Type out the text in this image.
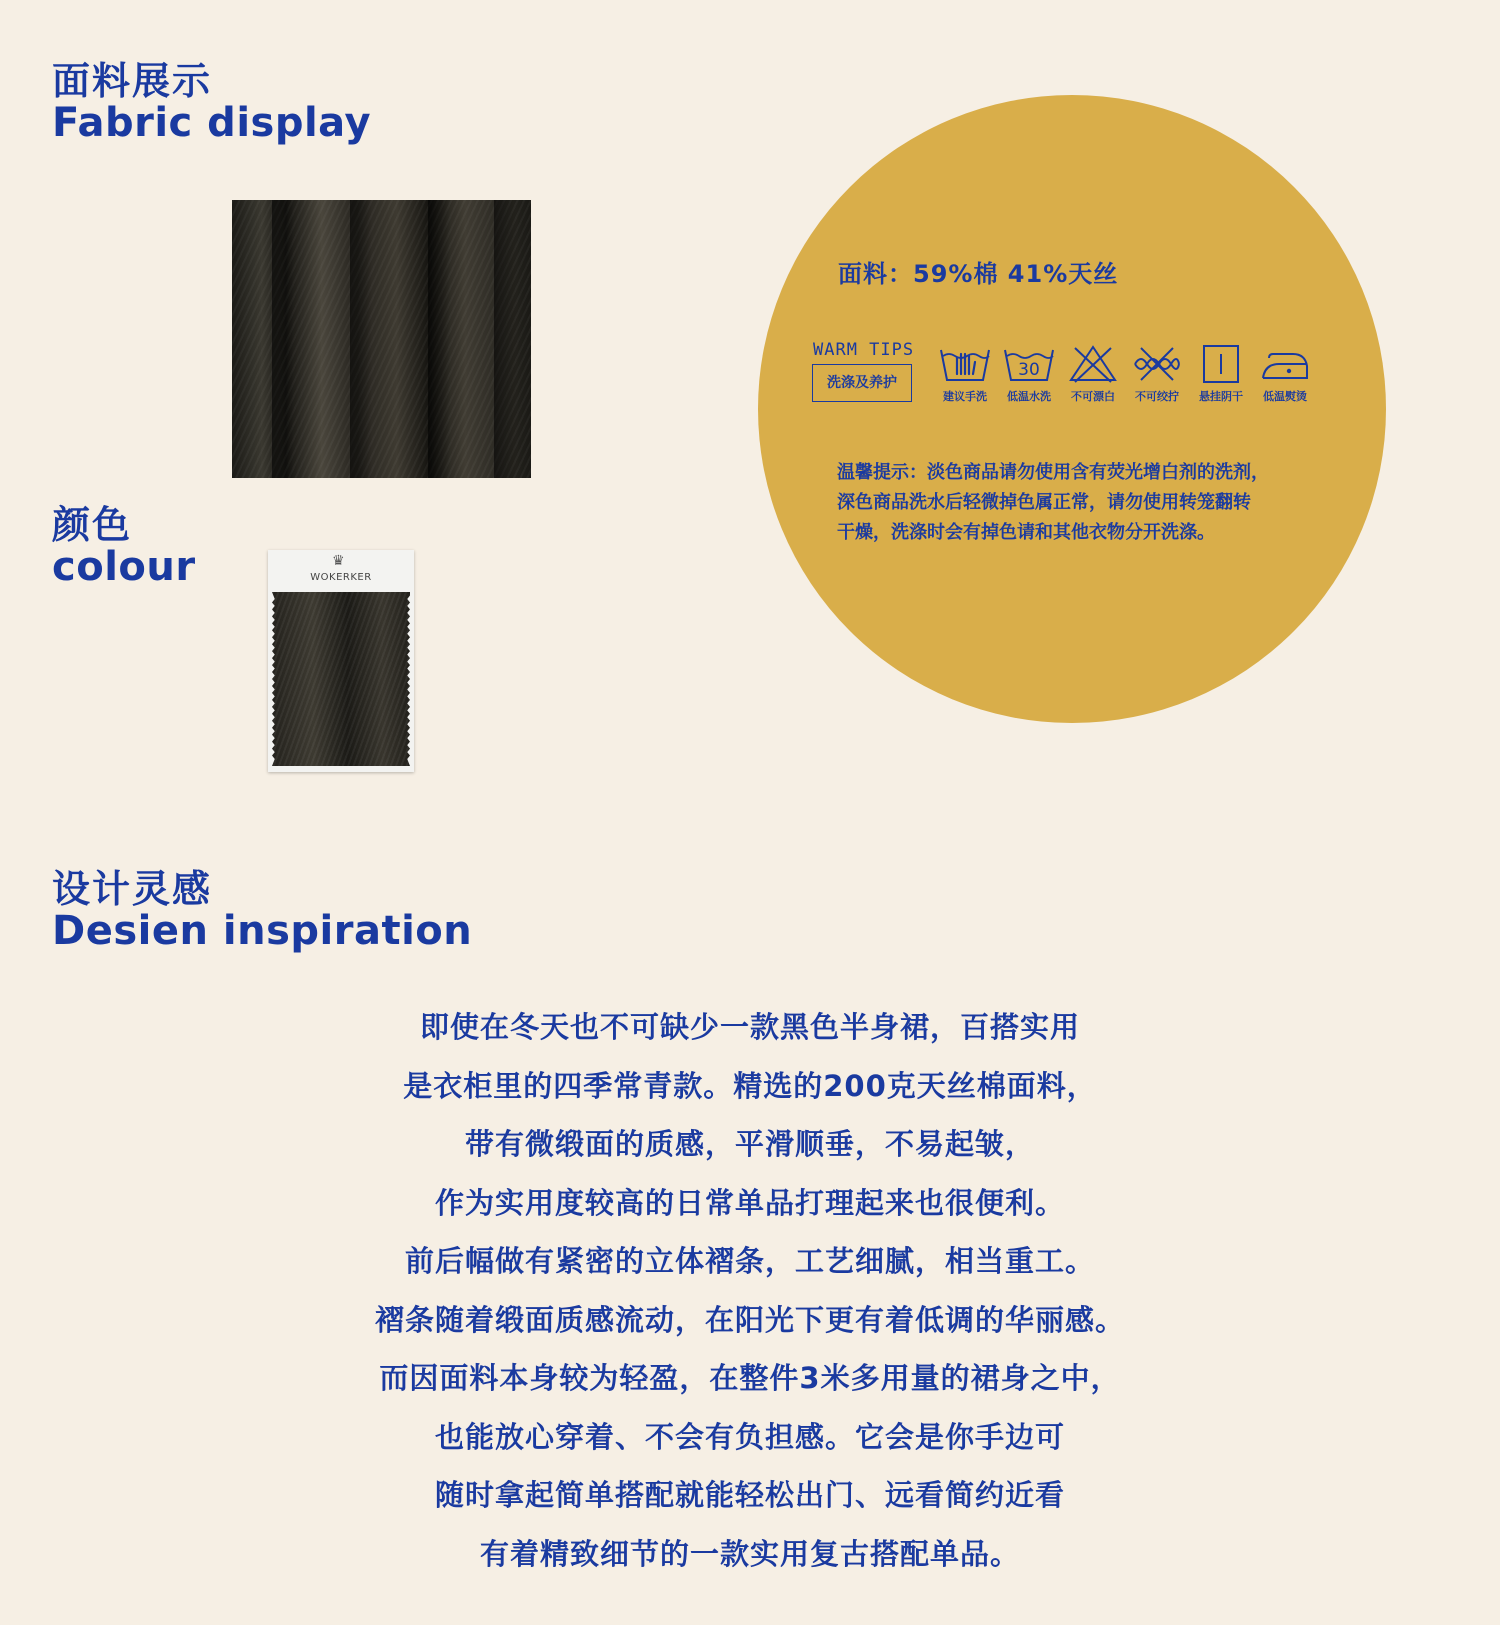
面料展示
Fabric display
颜色
colour	♛
WOKERKER
面料：59%棉 41%天丝
WARM TIPS
洗涤及养护
建议手洗
30
低温水洗	不可漂白	不可绞拧	悬挂阴干	低温熨烫
温馨提示：淡色商品请勿使用含有荧光增白剂的洗剂，
深色商品洗水后轻微掉色属正常，请勿使用转笼翻转
干燥，洗涤时会有掉色请和其他衣物分开洗涤。
设计灵感
Desien inspiration
即使在冬天也不可缺少一款黑色半身裙，百搭实用
是衣柜里的四季常青款。精选的200克天丝棉面料，
带有微缎面的质感，平滑顺垂，不易起皱，
作为实用度较高的日常单品打理起来也很便利。
前后幅做有紧密的立体褶条，工艺细腻，相当重工。
褶条随着缎面质感流动，在阳光下更有着低调的华丽感。
而因面料本身较为轻盈，在整件3米多用量的裙身之中，
也能放心穿着、不会有负担感。它会是你手边可
随时拿起简单搭配就能轻松出门、远看简约近看
有着精致细节的一款实用复古搭配单品。
